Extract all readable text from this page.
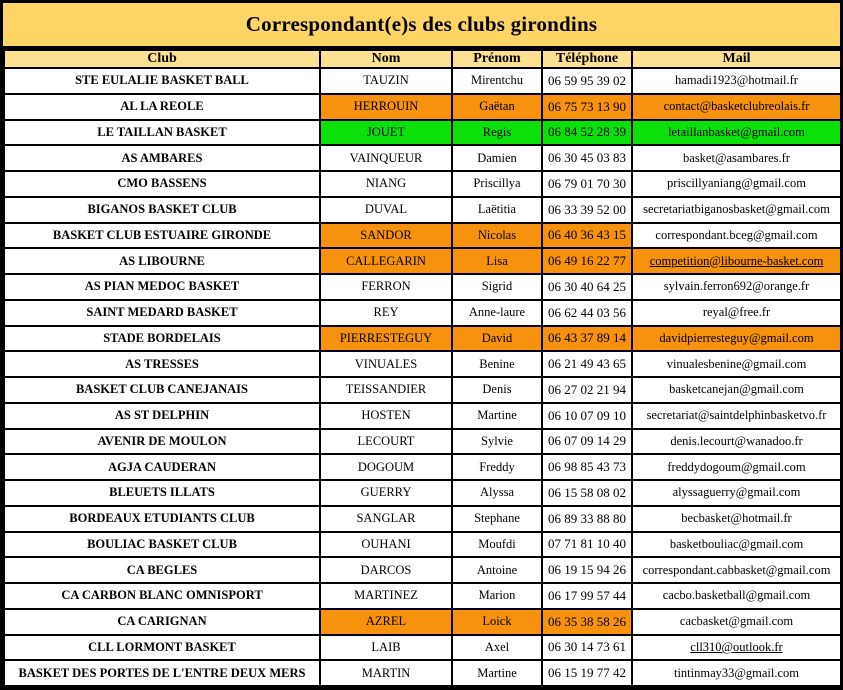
Correspondant(e)s des clubs girondins
Club	Nom	Prénom	Téléphone	Mail
STE EULALIE BASKET BALL	TAUZIN	Mirentchu	06 59 95 39 02	hamadi1923@hotmail.fr
AL LA REOLE	HERROUIN	Gaëtan	06 75 73 13 90	contact@basketclubreolais.fr
LE TAILLAN BASKET	JOUET	Regis	06 84 52 28 39	letaillanbasket@gmail.com
AS AMBARES	VAINQUEUR	Damien	06 30 45 03 83	basket@asambares.fr
CMO BASSENS	NIANG	Priscillya	06 79 01 70 30	priscillyaniang@gmail.com
BIGANOS BASKET CLUB	DUVAL	Laëtitia	06 33 39 52 00	secretariatbiganosbasket@gmail.com
BASKET CLUB ESTUAIRE GIRONDE	SANDOR	Nicolas	06 40 36 43 15	correspondant.bceg@gmail.com
AS LIBOURNE	CALLEGARIN	Lisa	06 49 16 22 77	competition@libourne-basket.com
AS PIAN MEDOC BASKET	FERRON	Sigrid	06 30 40 64 25	sylvain.ferron692@orange.fr
SAINT MEDARD BASKET	REY	Anne-laure	06 62 44 03 56	reyal@free.fr
STADE BORDELAIS	PIERRESTEGUY	David	06 43 37 89 14	davidpierresteguy@gmail.com
AS TRESSES	VINUALES	Benine	06 21 49 43 65	vinualesbenine@gmail.com
BASKET CLUB CANEJANAIS	TEISSANDIER	Denis	06 27 02 21 94	basketcanejan@gmail.com
AS ST DELPHIN	HOSTEN	Martine	06 10 07 09 10	secretariat@saintdelphinbasketvo.fr
AVENIR DE MOULON	LECOURT	Sylvie	06 07 09 14 29	denis.lecourt@wanadoo.fr
AGJA CAUDERAN	DOGOUM	Freddy	06 98 85 43 73	freddydogoum@gmail.com
BLEUETS ILLATS	GUERRY	Alyssa	06 15 58 08 02	alyssaguerry@gmail.com
BORDEAUX ETUDIANTS CLUB	SANGLAR	Stephane	06 89 33 88 80	becbasket@hotmail.fr
BOULIAC BASKET CLUB	OUHANI	Moufdi	07 71 81 10 40	basketbouliac@gmail.com
CA BEGLES	DARCOS	Antoine	06 19 15 94 26	correspondant.cabbasket@gmail.com
CA CARBON BLANC OMNISPORT	MARTINEZ	Marion	06 17 99 57 44	cacbo.basketball@gmail.com
CA CARIGNAN	AZREL	Loick	06 35 38 58 26	cacbasket@gmail.com
CLL LORMONT BASKET	LAIB	Axel	06 30 14 73 61	cll310@outlook.fr
BASKET DES PORTES DE L'ENTRE DEUX MERS	MARTIN	Martine	06 15 19 77 42	tintinmay33@gmail.com
